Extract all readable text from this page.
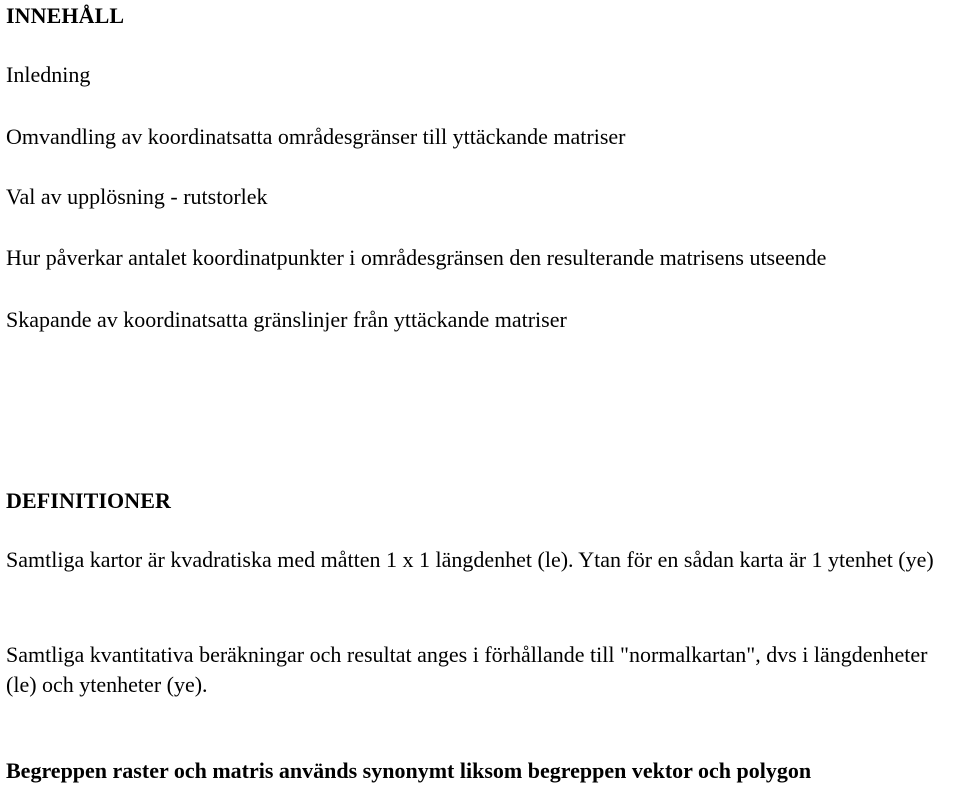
INNEHÅLL
Inledning
Omvandling av koordinatsatta områdesgränser till yttäckande matriser
Val av upplösning - rutstorlek
Hur påverkar antalet koordinatpunkter i områdesgränsen den resulterande matrisens utseende
Skapande av koordinatsatta gränslinjer från yttäckande matriser
DEFINITIONER
Samtliga kartor är kvadratiska med måtten 1 x 1 längdenhet (le). Ytan för en sådan karta är 1 ytenhet (ye)
Samtliga kvantitativa beräkningar och resultat anges i förhållande till "normalkartan", dvs i längdenheter (le) och ytenheter (ye).
Begreppen raster och matris används synonymt liksom begreppen vektor och polygon
